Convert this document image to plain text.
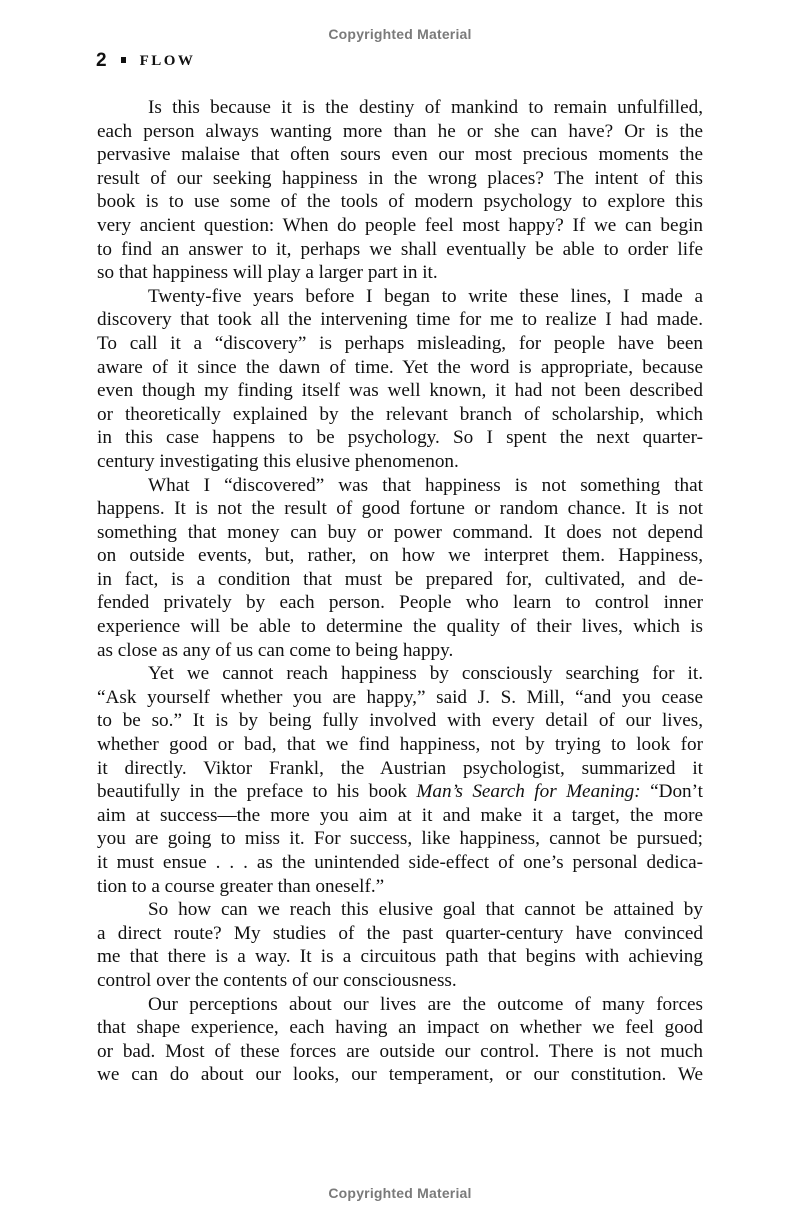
Copyrighted Material
2 FLOW
Is this because it is the destiny of mankind to remain unfulfilled,
each person always wanting more than he or she can have? Or is the
pervasive malaise that often sours even our most precious moments the
result of our seeking happiness in the wrong places? The intent of this
book is to use some of the tools of modern psychology to explore this
very ancient question: When do people feel most happy? If we can begin
to find an answer to it, perhaps we shall eventually be able to order life
so that happiness will play a larger part in it.
Twenty-five years before I began to write these lines, I made a
discovery that took all the intervening time for me to realize I had made.
To call it a “discovery” is perhaps misleading, for people have been
aware of it since the dawn of time. Yet the word is appropriate, because
even though my finding itself was well known, it had not been described
or theoretically explained by the relevant branch of scholarship, which
in this case happens to be psychology. So I spent the next quarter-
century investigating this elusive phenomenon.
What I “discovered” was that happiness is not something that
happens. It is not the result of good fortune or random chance. It is not
something that money can buy or power command. It does not depend
on outside events, but, rather, on how we interpret them. Happiness,
in fact, is a condition that must be prepared for, cultivated, and de-
fended privately by each person. People who learn to control inner
experience will be able to determine the quality of their lives, which is
as close as any of us can come to being happy.
Yet we cannot reach happiness by consciously searching for it.
“Ask yourself whether you are happy,” said J. S. Mill, “and you cease
to be so.” It is by being fully involved with every detail of our lives,
whether good or bad, that we find happiness, not by trying to look for
it directly. Viktor Frankl, the Austrian psychologist, summarized it
beautifully in the preface to his book Man’s Search for Meaning: “Don’t
aim at success—the more you aim at it and make it a target, the more
you are going to miss it. For success, like happiness, cannot be pursued;
it must ensue . . . as the unintended side-effect of one’s personal dedica-
tion to a course greater than oneself.”
So how can we reach this elusive goal that cannot be attained by
a direct route? My studies of the past quarter-century have convinced
me that there is a way. It is a circuitous path that begins with achieving
control over the contents of our consciousness.
Our perceptions about our lives are the outcome of many forces
that shape experience, each having an impact on whether we feel good
or bad. Most of these forces are outside our control. There is not much
we can do about our looks, our temperament, or our constitution. We
Copyrighted Material
